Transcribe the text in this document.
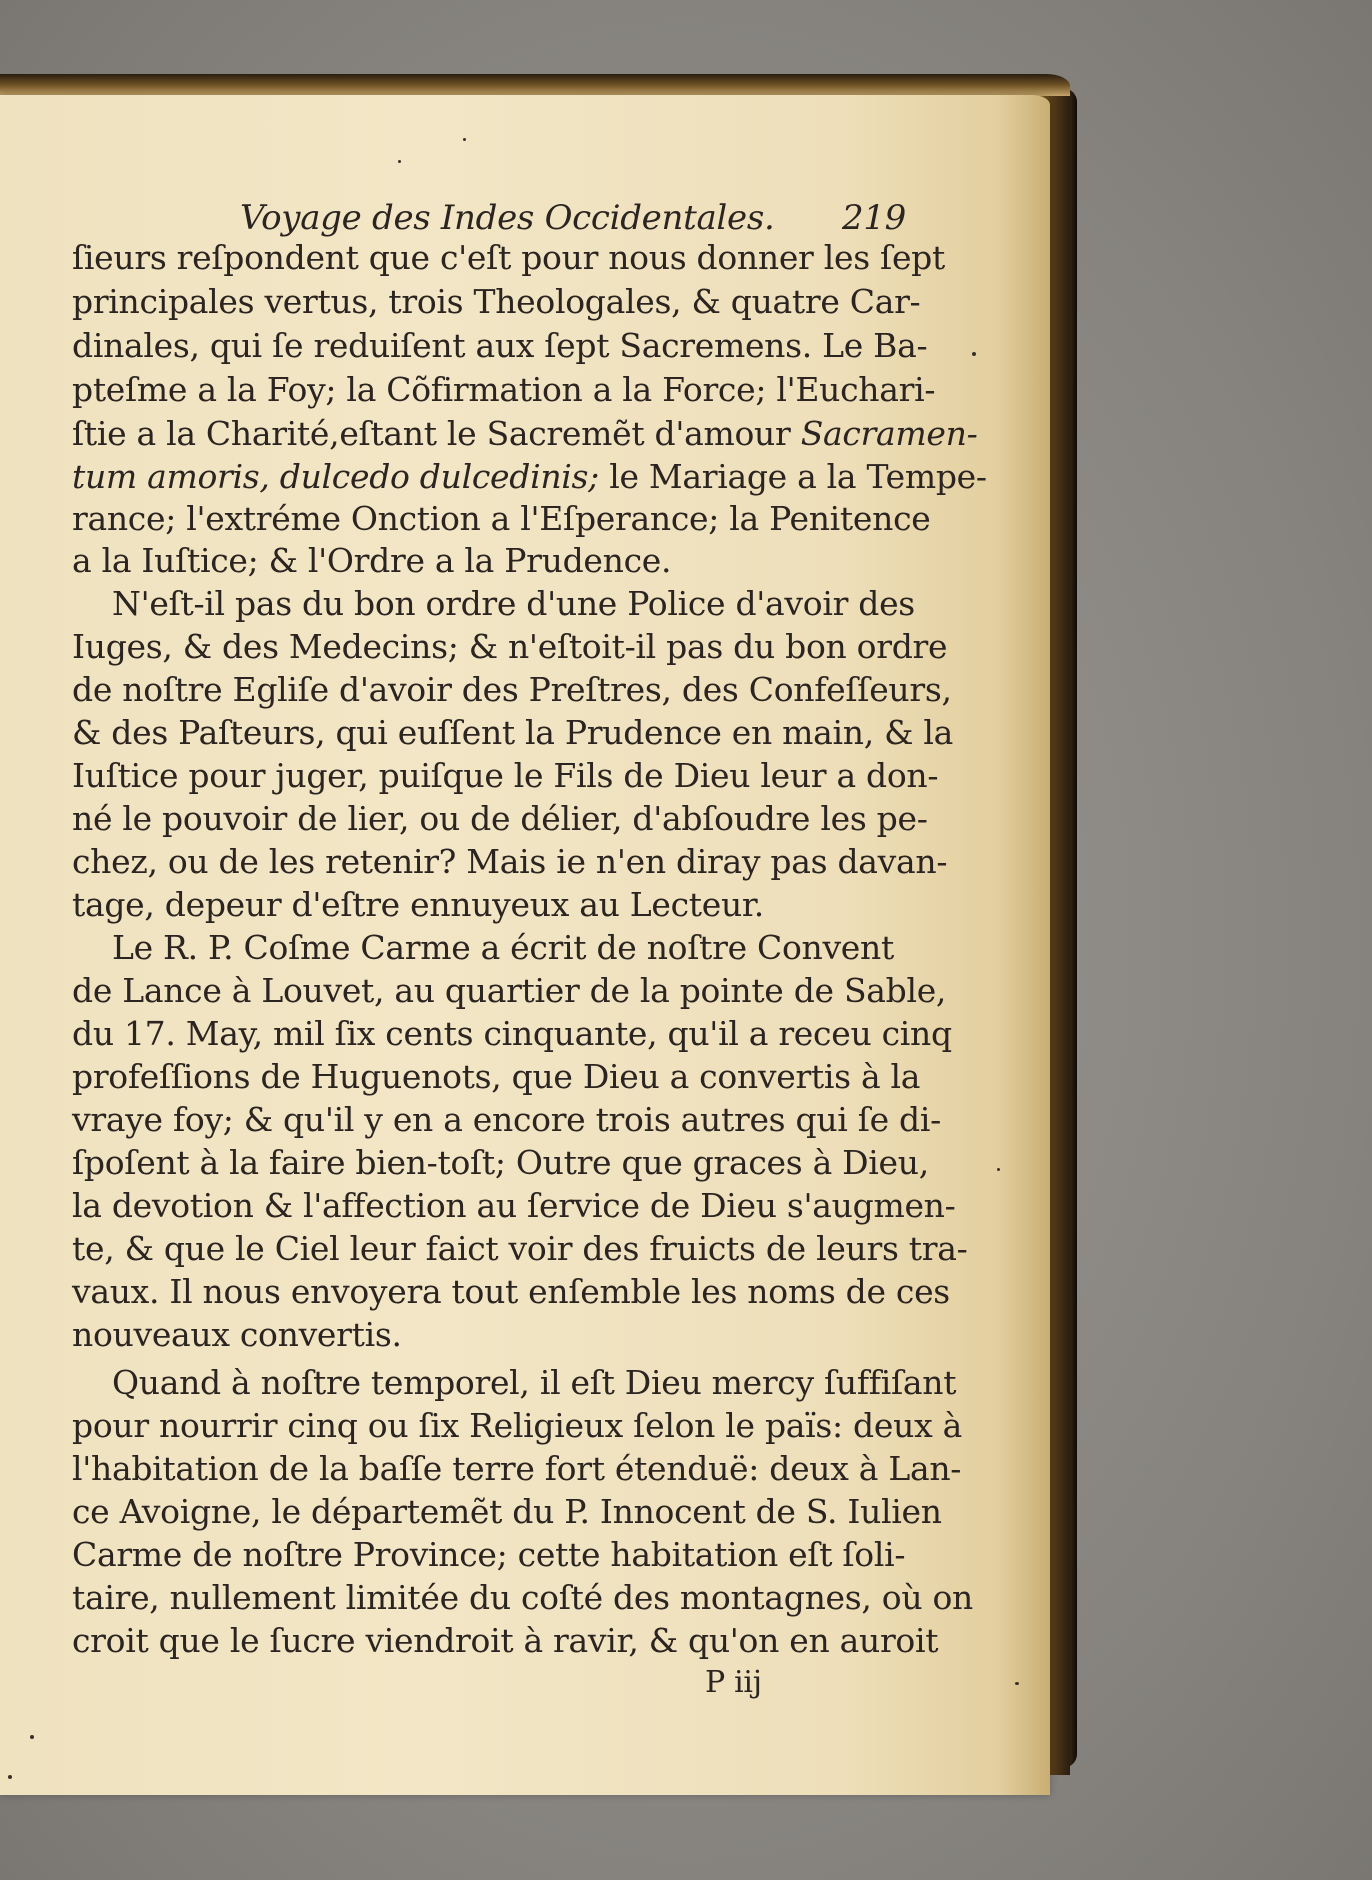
Voyage des Indes Occidentales. 219
ſieurs reſpondent que c'eſt pour nous donner les ſept
principales vertus, trois Theologales, & quatre Car-
dinales, qui ſe reduiſent aux ſept Sacremens. Le Ba-
pteſme a la Foy; la Cõfirmation a la Force; l'Euchari-
ſtie a la Charité,eſtant le Sacremẽt d'amour Sacramen-
tum amoris, dulcedo dulcedinis; le Mariage a la Tempe-
rance; l'extréme Onction a l'Eſperance; la Penitence
a la Iuſtice; & l'Ordre a la Prudence.
N'eſt-il pas du bon ordre d'une Police d'avoir des
Iuges, & des Medecins; & n'eſtoit-il pas du bon ordre
de noſtre Egliſe d'avoir des Preſtres, des Confeſſeurs,
& des Paſteurs, qui euſſent la Prudence en main, & la
Iuſtice pour juger, puiſque le Fils de Dieu leur a don-
né le pouvoir de lier, ou de délier, d'abſoudre les pe-
chez, ou de les retenir? Mais ie n'en diray pas davan-
tage, depeur d'eſtre ennuyeux au Lecteur.
Le R. P. Coſme Carme a écrit de noſtre Convent
de Lance à Louvet, au quartier de la pointe de Sable,
du 17. May, mil ſix cents cinquante, qu'il a receu cinq
profeſſions de Huguenots, que Dieu a convertis à la
vraye foy; & qu'il y en a encore trois autres qui ſe di-
ſpoſent à la faire bien-toſt; Outre que graces à Dieu,
la devotion & l'affection au ſervice de Dieu s'augmen-
te, & que le Ciel leur faict voir des fruicts de leurs tra-
vaux. Il nous envoyera tout enſemble les noms de ces
nouveaux convertis.
Quand à noſtre temporel, il eſt Dieu mercy ſuffiſant
pour nourrir cinq ou ſix Religieux ſelon le païs: deux à
l'habitation de la baſſe terre fort étenduë: deux à Lan-
ce Avoigne, le départemẽt du P. Innocent de S. Iulien
Carme de noſtre Province; cette habitation eſt ſoli-
taire, nullement limitée du coſté des montagnes, où on
croit que le ſucre viendroit à ravir, & qu'on en auroit
P iij
